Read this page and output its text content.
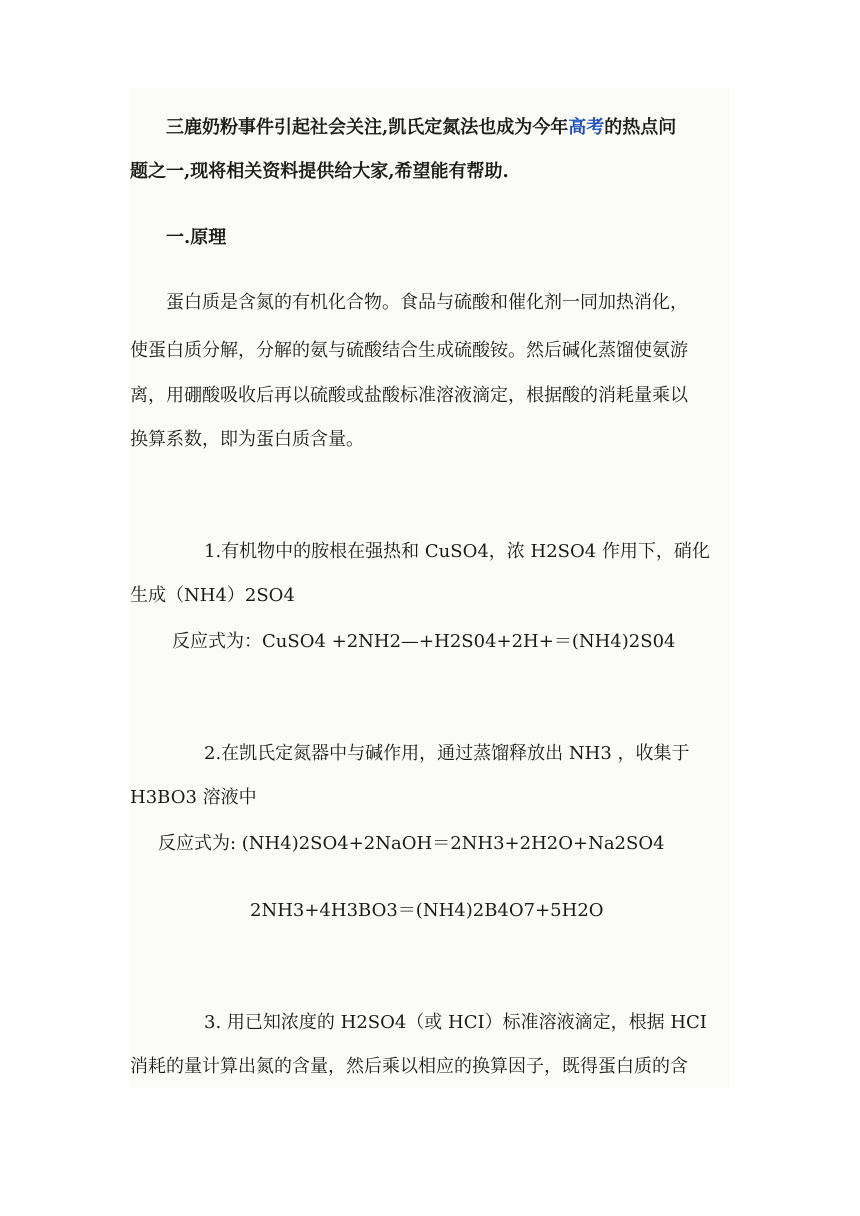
三鹿奶粉事件引起社会关注,凯氏定氮法也成为今年高考的热点问
题之一,现将相关资料提供给大家,希望能有帮助.
一.原理
蛋白质是含氮的有机化合物。食品与硫酸和催化剂一同加热消化，
使蛋白质分解，分解的氨与硫酸结合生成硫酸铵。然后碱化蒸馏使氨游
离，用硼酸吸收后再以硫酸或盐酸标准溶液滴定，根据酸的消耗量乘以
换算系数，即为蛋白质含量。
1.有机物中的胺根在强热和 CuSO4，浓 H2SO4 作用下，硝化
生成（NH4）2SO4
反应式为：CuSO4 +2NH2—+H2S04+2H+＝(NH4)2S04
2.在凯氏定氮器中与碱作用，通过蒸馏释放出 NH3 ，收集于
H3BO3 溶液中
反应式为: (NH4)2SO4+2NaOH＝2NH3+2H2O+Na2SO4
2NH3+4H3BO3＝(NH4)2B4O7+5H2O
3. 用已知浓度的 H2SO4（或 HCI）标准溶液滴定，根据 HCI
消耗的量计算出氮的含量，然后乘以相应的换算因子，既得蛋白质的含
